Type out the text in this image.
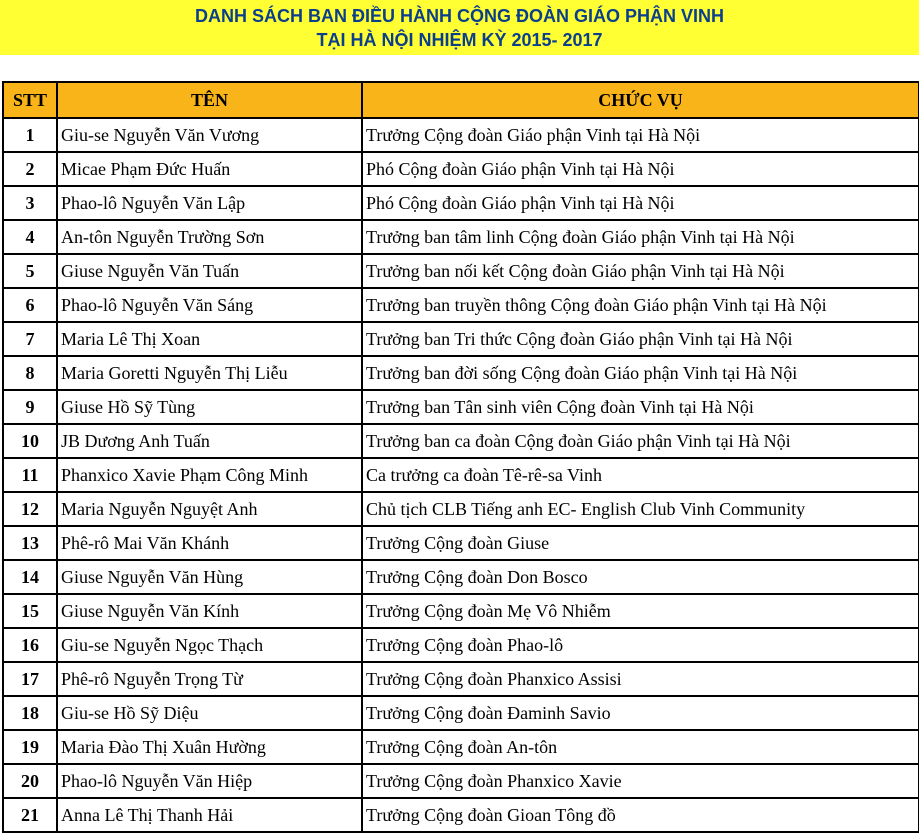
DANH SÁCH BAN ĐIỀU HÀNH CỘNG ĐOÀN GIÁO PHẬN VINH
TẠI HÀ NỘI NHIỆM KỲ 2015- 2017
STT	TÊN	CHỨC VỤ
1	Giu-se Nguyễn Văn Vương	Trưởng Cộng đoàn Giáo phận Vinh tại Hà Nội
2	Micae Phạm Đức Huấn	Phó Cộng đoàn Giáo phận Vinh tại Hà Nội
3	Phao-lô Nguyễn Văn Lập	Phó Cộng đoàn Giáo phận Vinh tại Hà Nội
4	An-tôn Nguyễn Trường Sơn	Trưởng ban tâm linh Cộng đoàn Giáo phận Vinh tại Hà Nội
5	Giuse Nguyễn Văn Tuấn	Trưởng ban nối kết Cộng đoàn Giáo phận Vinh tại Hà Nội
6	Phao-lô Nguyễn Văn Sáng	Trưởng ban truyền thông Cộng đoàn Giáo phận Vinh tại Hà Nội
7	Maria Lê Thị Xoan	Trưởng ban Tri thức Cộng đoàn Giáo phận Vinh tại Hà Nội
8	Maria Goretti Nguyễn Thị Liễu	Trưởng ban đời sống Cộng đoàn Giáo phận Vinh tại Hà Nội
9	Giuse Hồ Sỹ Tùng	Trưởng ban Tân sinh viên Cộng đoàn Vinh tại Hà Nội
10	JB Dương Anh Tuấn	Trưởng ban ca đoàn Cộng đoàn Giáo phận Vinh tại Hà Nội
11	Phanxico Xavie Phạm Công Minh	Ca trưởng ca đoàn Tê-rê-sa Vinh
12	Maria Nguyễn Nguyệt Anh	Chủ tịch CLB Tiếng anh EC- English Club Vinh Community
13	Phê-rô Mai Văn Khánh	Trưởng Cộng đoàn Giuse
14	Giuse Nguyễn Văn Hùng	Trưởng Cộng đoàn Don Bosco
15	Giuse Nguyễn Văn Kính	Trưởng Cộng đoàn Mẹ Vô Nhiễm
16	Giu-se Nguyễn Ngọc Thạch	Trưởng Cộng đoàn Phao-lô
17	Phê-rô Nguyễn Trọng Từ	Trưởng Cộng đoàn Phanxico Assisi
18	Giu-se Hồ Sỹ Diệu	Trưởng Cộng đoàn Đaminh Savio
19	Maria Đào Thị Xuân Hường	Trưởng Cộng đoàn An-tôn
20	Phao-lô Nguyễn Văn Hiệp	Trưởng Cộng đoàn Phanxico Xavie
21	Anna Lê Thị Thanh Hải	Trưởng Cộng đoàn Gioan Tông đồ
